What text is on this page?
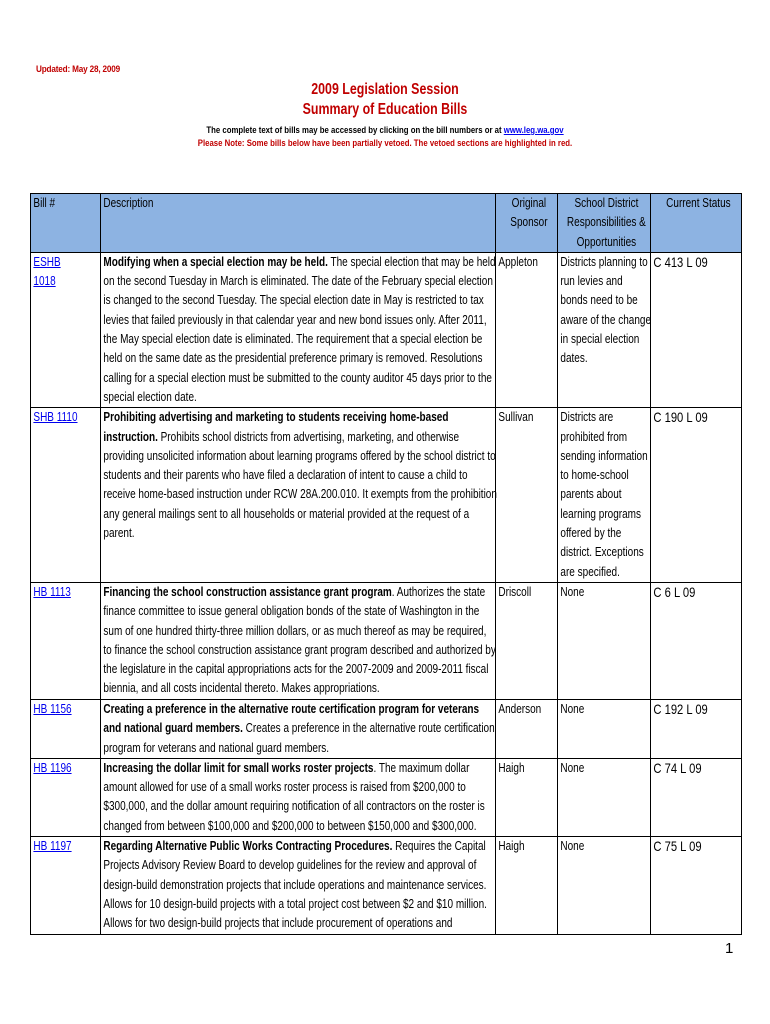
Updated: May 28, 2009
2009 Legislation Session
Summary of Education Bills
The complete text of bills may be accessed by clicking on the bill numbers or at www.leg.wa.gov
Please Note: Some bills below have been partially vetoed. The vetoed sections are highlighted in red.
Bill #	Description	Original Sponsor	School District Responsibilities & Opportunities	Current Status

ESHB 1018	Modifying when a special election may be held. The special election that may be held on the second Tuesday in March is eliminated. The date of the February special election is changed to the second Tuesday. The special election date in May is restricted to tax levies that failed previously in that calendar year and new bond issues only. After 2011, the May special election date is eliminated. The requirement that a special election be held on the same date as the presidential preference primary is removed. Resolutions calling for a special election must be submitted to the county auditor 45 days prior to the special election date.	Appleton	Districts planning to run levies and bonds need to be aware of the change in special election dates.	C 413 L 09

SHB 1110	Prohibiting advertising and marketing to students receiving home-based instruction. Prohibits school districts from advertising, marketing, and otherwise providing unsolicited information about learning programs offered by the school district to students and their parents who have filed a declaration of intent to cause a child to receive home-based instruction under RCW 28A.200.010. It exempts from the prohibition any general mailings sent to all households or material provided at the request of a parent.	Sullivan	Districts are prohibited from sending information to home-school parents about learning programs offered by the district. Exceptions are specified.	C 190 L 09

HB 1113	Financing the school construction assistance grant program. Authorizes the state finance committee to issue general obligation bonds of the state of Washington in the sum of one hundred thirty-three million dollars, or as much thereof as may be required, to finance the school construction assistance grant program described and authorized by the legislature in the capital appropriations acts for the 2007-2009 and 2009-2011 fiscal biennia, and all costs incidental thereto. Makes appropriations.	Driscoll	None	C 6 L 09

HB 1156	Creating a preference in the alternative route certification program for veterans and national guard members. Creates a preference in the alternative route certification program for veterans and national guard members.	Anderson	None	C 192 L 09

HB 1196	Increasing the dollar limit for small works roster projects. The maximum dollar amount allowed for use of a small works roster process is raised from $200,000 to $300,000, and the dollar amount requiring notification of all contractors on the roster is changed from between $100,000 and $200,000 to between $150,000 and $300,000.	Haigh	None	C 74 L 09

HB 1197	Regarding Alternative Public Works Contracting Procedures. Requires the Capital Projects Advisory Review Board to develop guidelines for the review and approval of design-build demonstration projects that include operations and maintenance services. Allows for 10 design-build projects with a total project cost between $2 and $10 million. Allows for two design-build projects that include procurement of operations and	Haigh	None	C 75 L 09
1
